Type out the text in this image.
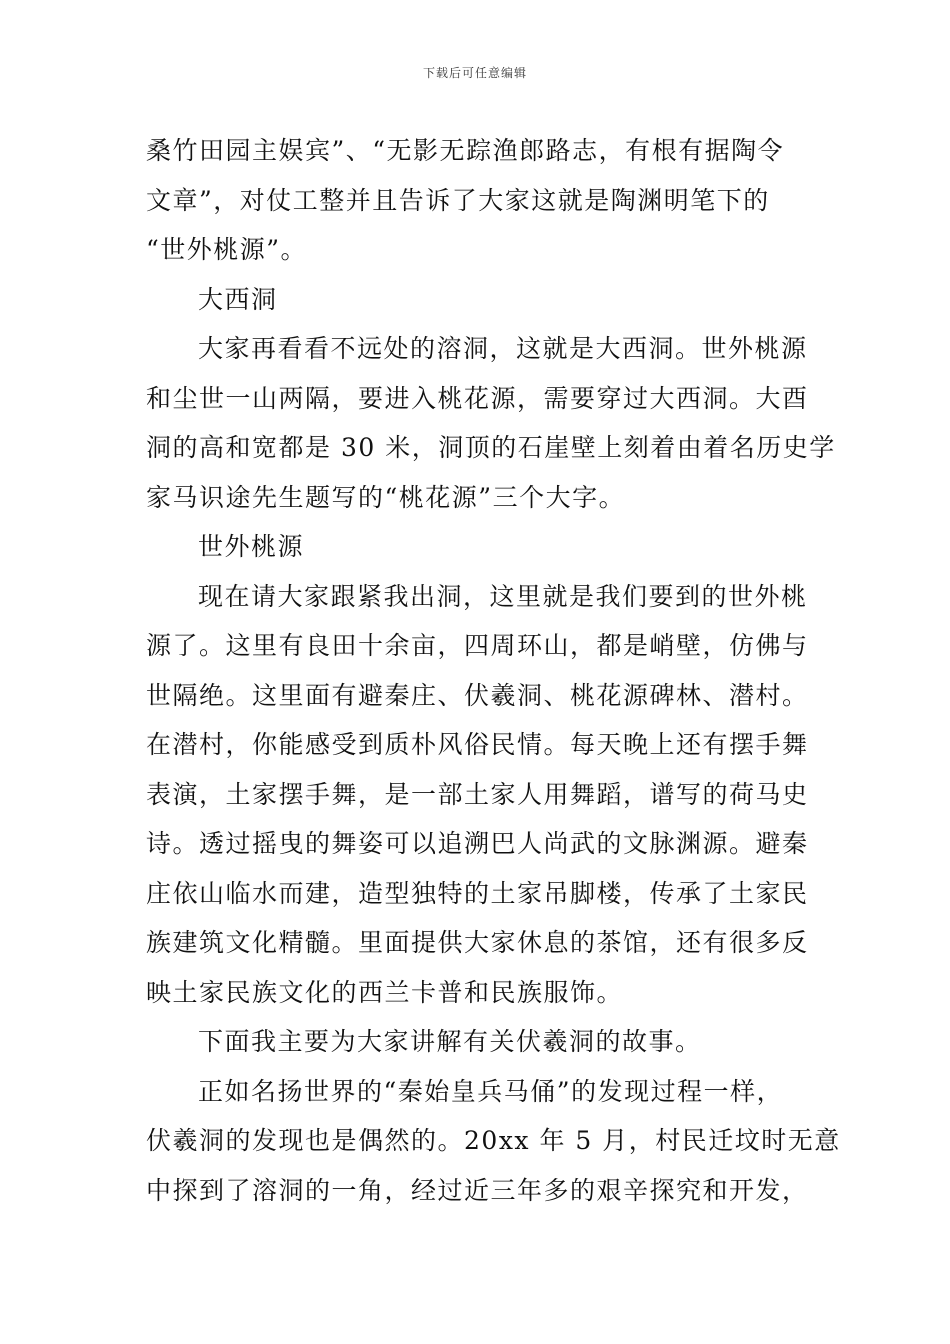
下载后可任意编辑
桑竹田园主娱宾”、“无影无踪渔郎路志，有根有据陶令
文章”，对仗工整并且告诉了大家这就是陶渊明笔下的
“世外桃源”。
大西洞
大家再看看不远处的溶洞，这就是大西洞。世外桃源
和尘世一山两隔，要进入桃花源，需要穿过大西洞。大酉
洞的高和宽都是 30 米，洞顶的石崖壁上刻着由着名历史学
家马识途先生题写的“桃花源”三个大字。
世外桃源
现在请大家跟紧我出洞，这里就是我们要到的世外桃
源了。这里有良田十余亩，四周环山，都是峭壁，仿佛与
世隔绝。这里面有避秦庄、伏羲洞、桃花源碑林、潜村。
在潜村，你能感受到质朴风俗民情。每天晚上还有摆手舞
表演，土家摆手舞，是一部土家人用舞蹈，谱写的荷马史
诗。透过摇曳的舞姿可以追溯巴人尚武的文脉渊源。避秦
庄依山临水而建，造型独特的土家吊脚楼，传承了土家民
族建筑文化精髓。里面提供大家休息的茶馆，还有很多反
映土家民族文化的西兰卡普和民族服饰。
下面我主要为大家讲解有关伏羲洞的故事。
正如名扬世界的“秦始皇兵马俑”的发现过程一样，
伏羲洞的发现也是偶然的。20xx 年 5 月，村民迁坟时无意
中探到了溶洞的一角，经过近三年多的艰辛探究和开发，
